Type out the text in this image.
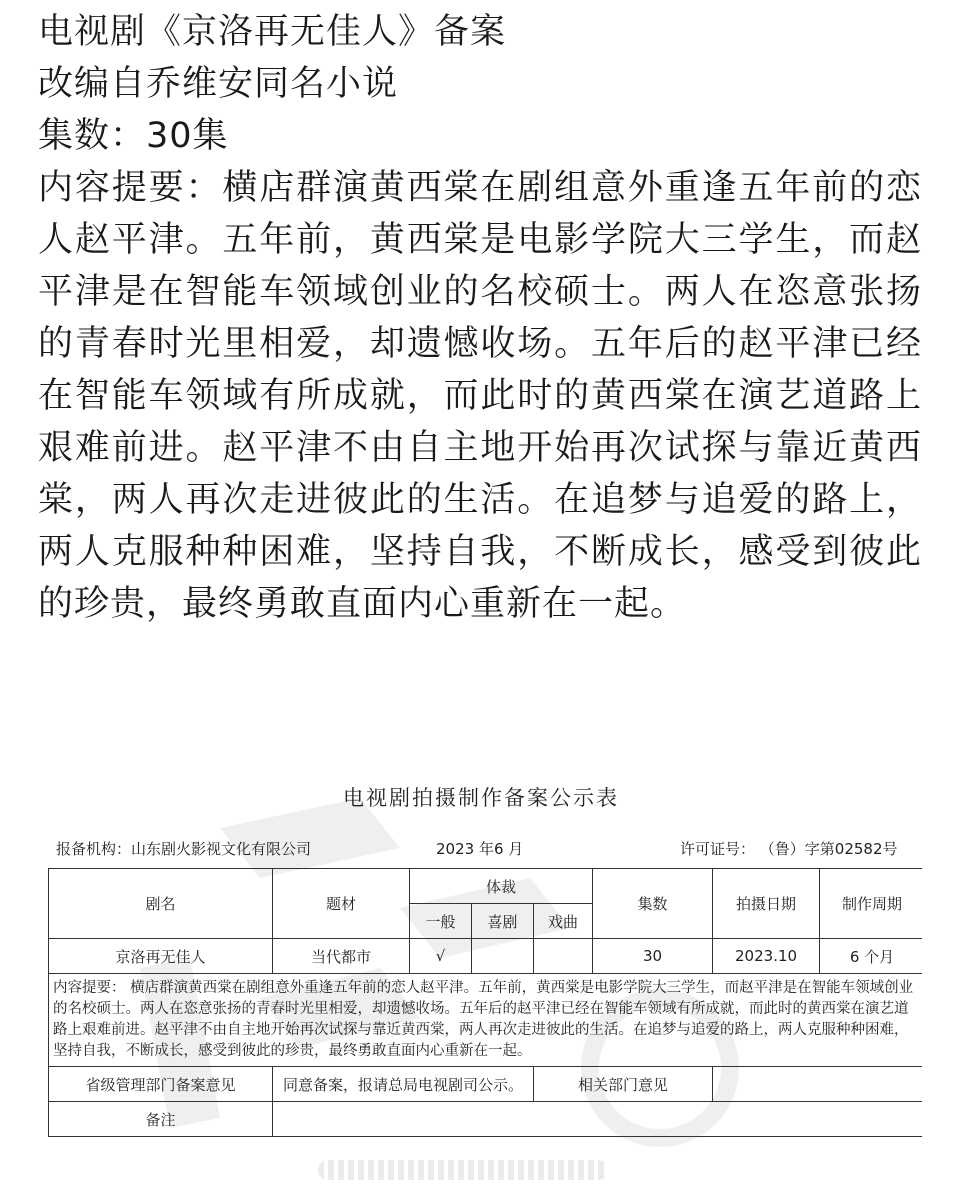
电视剧《京洛再无佳人》备案

改编自乔维安同名小说

集数：30集

内容提要：横店群演黄西棠在剧组意外重逢五年前的恋人赵平津。五年前，黄西棠是电影学院大三学生，而赵平津是在智能车领域创业的名校硕士。两人在恣意张扬的青春时光里相爱，却遗憾收场。五年后的赵平津已经在智能车领域有所成就，而此时的黄西棠在演艺道路上艰难前进。赵平津不由自主地开始再次试探与靠近黄西棠，两人再次走进彼此的生活。在追梦与追爱的路上，两人克服种种困难，坚持自我，不断成长，感受到彼此的珍贵，最终勇敢直面内心重新在一起。

电视剧拍摄制作备案公示表
报备机构：山东剧火影视文化有限公司	2023 年6 月	许可证号： （鲁）字第02582号
剧名	题材	体裁			集数	拍摄日期	制作周期
		一般	喜剧	戏曲			
京洛再无佳人	当代都市	√			30	2023.10	6 个月
内容提要： 横店群演黄西棠在剧组意外重逢五年前的恋人赵平津。五年前，黄西棠是电影学院大三学生，而赵平津是在智能车领域创业的名校硕士。两人在恣意张扬的青春时光里相爱，却遗憾收场。五年后的赵平津已经在智能车领域有所成就，而此时的黄西棠在演艺道路上艰难前进。赵平津不由自主地开始再次试探与靠近黄西棠，两人再次走进彼此的生活。在追梦与追爱的路上，两人克服种种困难，坚持自我，不断成长，感受到彼此的珍贵，最终勇敢直面内心重新在一起。							
省级管理部门备案意见	同意备案，报请总局电视剧司公示。			相关部门意见			
备注							
